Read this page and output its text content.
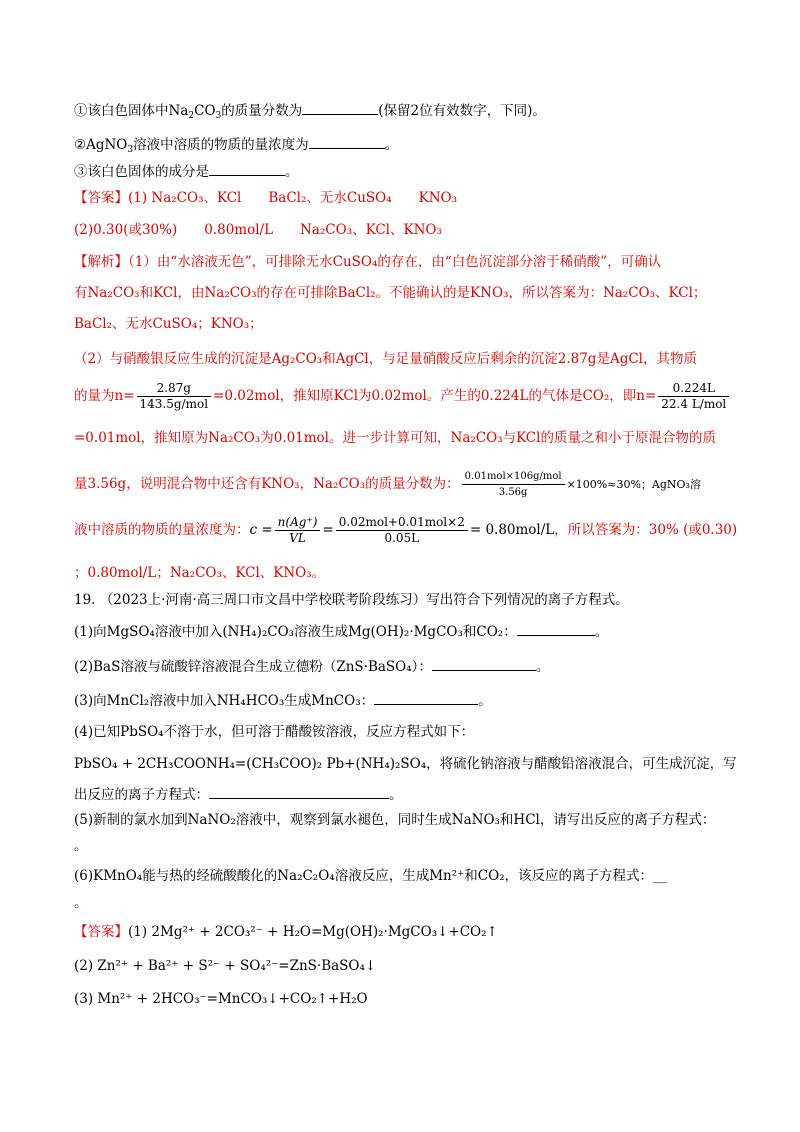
①该白色固体中$Na_2CO_3$的质量分数为	(保留2位有效数字，下同)。
②AgNO$_3$溶液中溶质的物质的量浓度为	。
③该白色固体的成分是	。
【答案】(1) Na₂CO₃、KCl　　BaCl₂、无水CuSO₄　　KNO₃
(2)0.30(或30%)　　0.80mol/L　　Na₂CO₃、KCl、KNO₃
【解析】（1）由“水溶液无色”，可排除无水CuSO₄的存在，由“白色沉淀部分溶于稀硝酸”，可确认
有Na₂CO₃和KCl，由Na₂CO₃的存在可排除BaCl₂。不能确认的是KNO₃，所以答案为：Na₂CO₃、KCl；
BaCl₂、无水CuSO₄；KNO₃；
（2）与硝酸银反应生成的沉淀是Ag₂CO₃和AgCl，与足量硝酸反应后剩余的沉淀2.87g是AgCl，其物质
的量为$n= \frac{2.87g}{\text{143.5g/mol}} =0.02mol$，推知原KCl为0.02mol。产生的0.224L的气体是CO₂，即$n= \frac{0.224L}{\text{22.4 L/mol}}$
=0.01mol，推知原为Na₂CO₃为0.01mol。进一步计算可知，Na₂CO₃与KCl的质量之和小于原混合物的质
量3.56g，说明混合物中还含有KNO₃，Na₂CO₃的质量分数为： $\frac{\text{0.01mol×106g/mol}}{3.56g} \times 100\%\approx 30\%$；AgNO₃溶
液中溶质的物质的量浓度为：$c = \frac{n(Ag^+)}{VL} = \frac{\text{0.02mol+0.01mol×2}}{0.05L} = 0.80mol/L$，所以答案为：30% (或0.30)
；0.80mol/L；Na₂CO₃、KCl、KNO₃。
19. （2023上·河南·高三周口市文昌中学校联考阶段练习）写出符合下列情况的离子方程式。
(1)向MgSO₄溶液中加入(NH₄)₂CO₃溶液生成Mg(OH)₂·MgCO₃和CO₂：	。
(2)BaS溶液与硫酸锌溶液混合生成立德粉（ZnS·BaSO₄）：	。
(3)向MnCl₂溶液中加入NH₄HCO₃生成MnCO₃：	。
(4)已知PbSO₄不溶于水，但可溶于醋酸铵溶液，反应方程式如下：
PbSO₄ + 2CH₃COONH₄=(CH₃COO)₂ Pb+(NH₄)₂SO₄，将硫化钠溶液与醋酸铅溶液混合，可生成沉淀，写
出反应的离子方程式：	。
(5)新制的氯水加到NaNO₂溶液中，观察到氯水褪色，同时生成NaNO₃和HCl，请写出反应的离子方程式：
。
(6)KMnO₄能与热的经硫酸酸化的Na₂C₂O₄溶液反应，生成Mn²⁺和CO₂，该反应的离子方程式：__
。
【答案】(1) 2Mg²⁺ + 2CO₃²⁻ + H₂O=Mg(OH)₂·MgCO₃↓+CO₂↑
(2) Zn²⁺ + Ba²⁺ + S²⁻ + SO₄²⁻=ZnS·BaSO₄↓
(3) Mn²⁺ + 2HCO₃⁻=MnCO₃↓+CO₂↑+H₂O
